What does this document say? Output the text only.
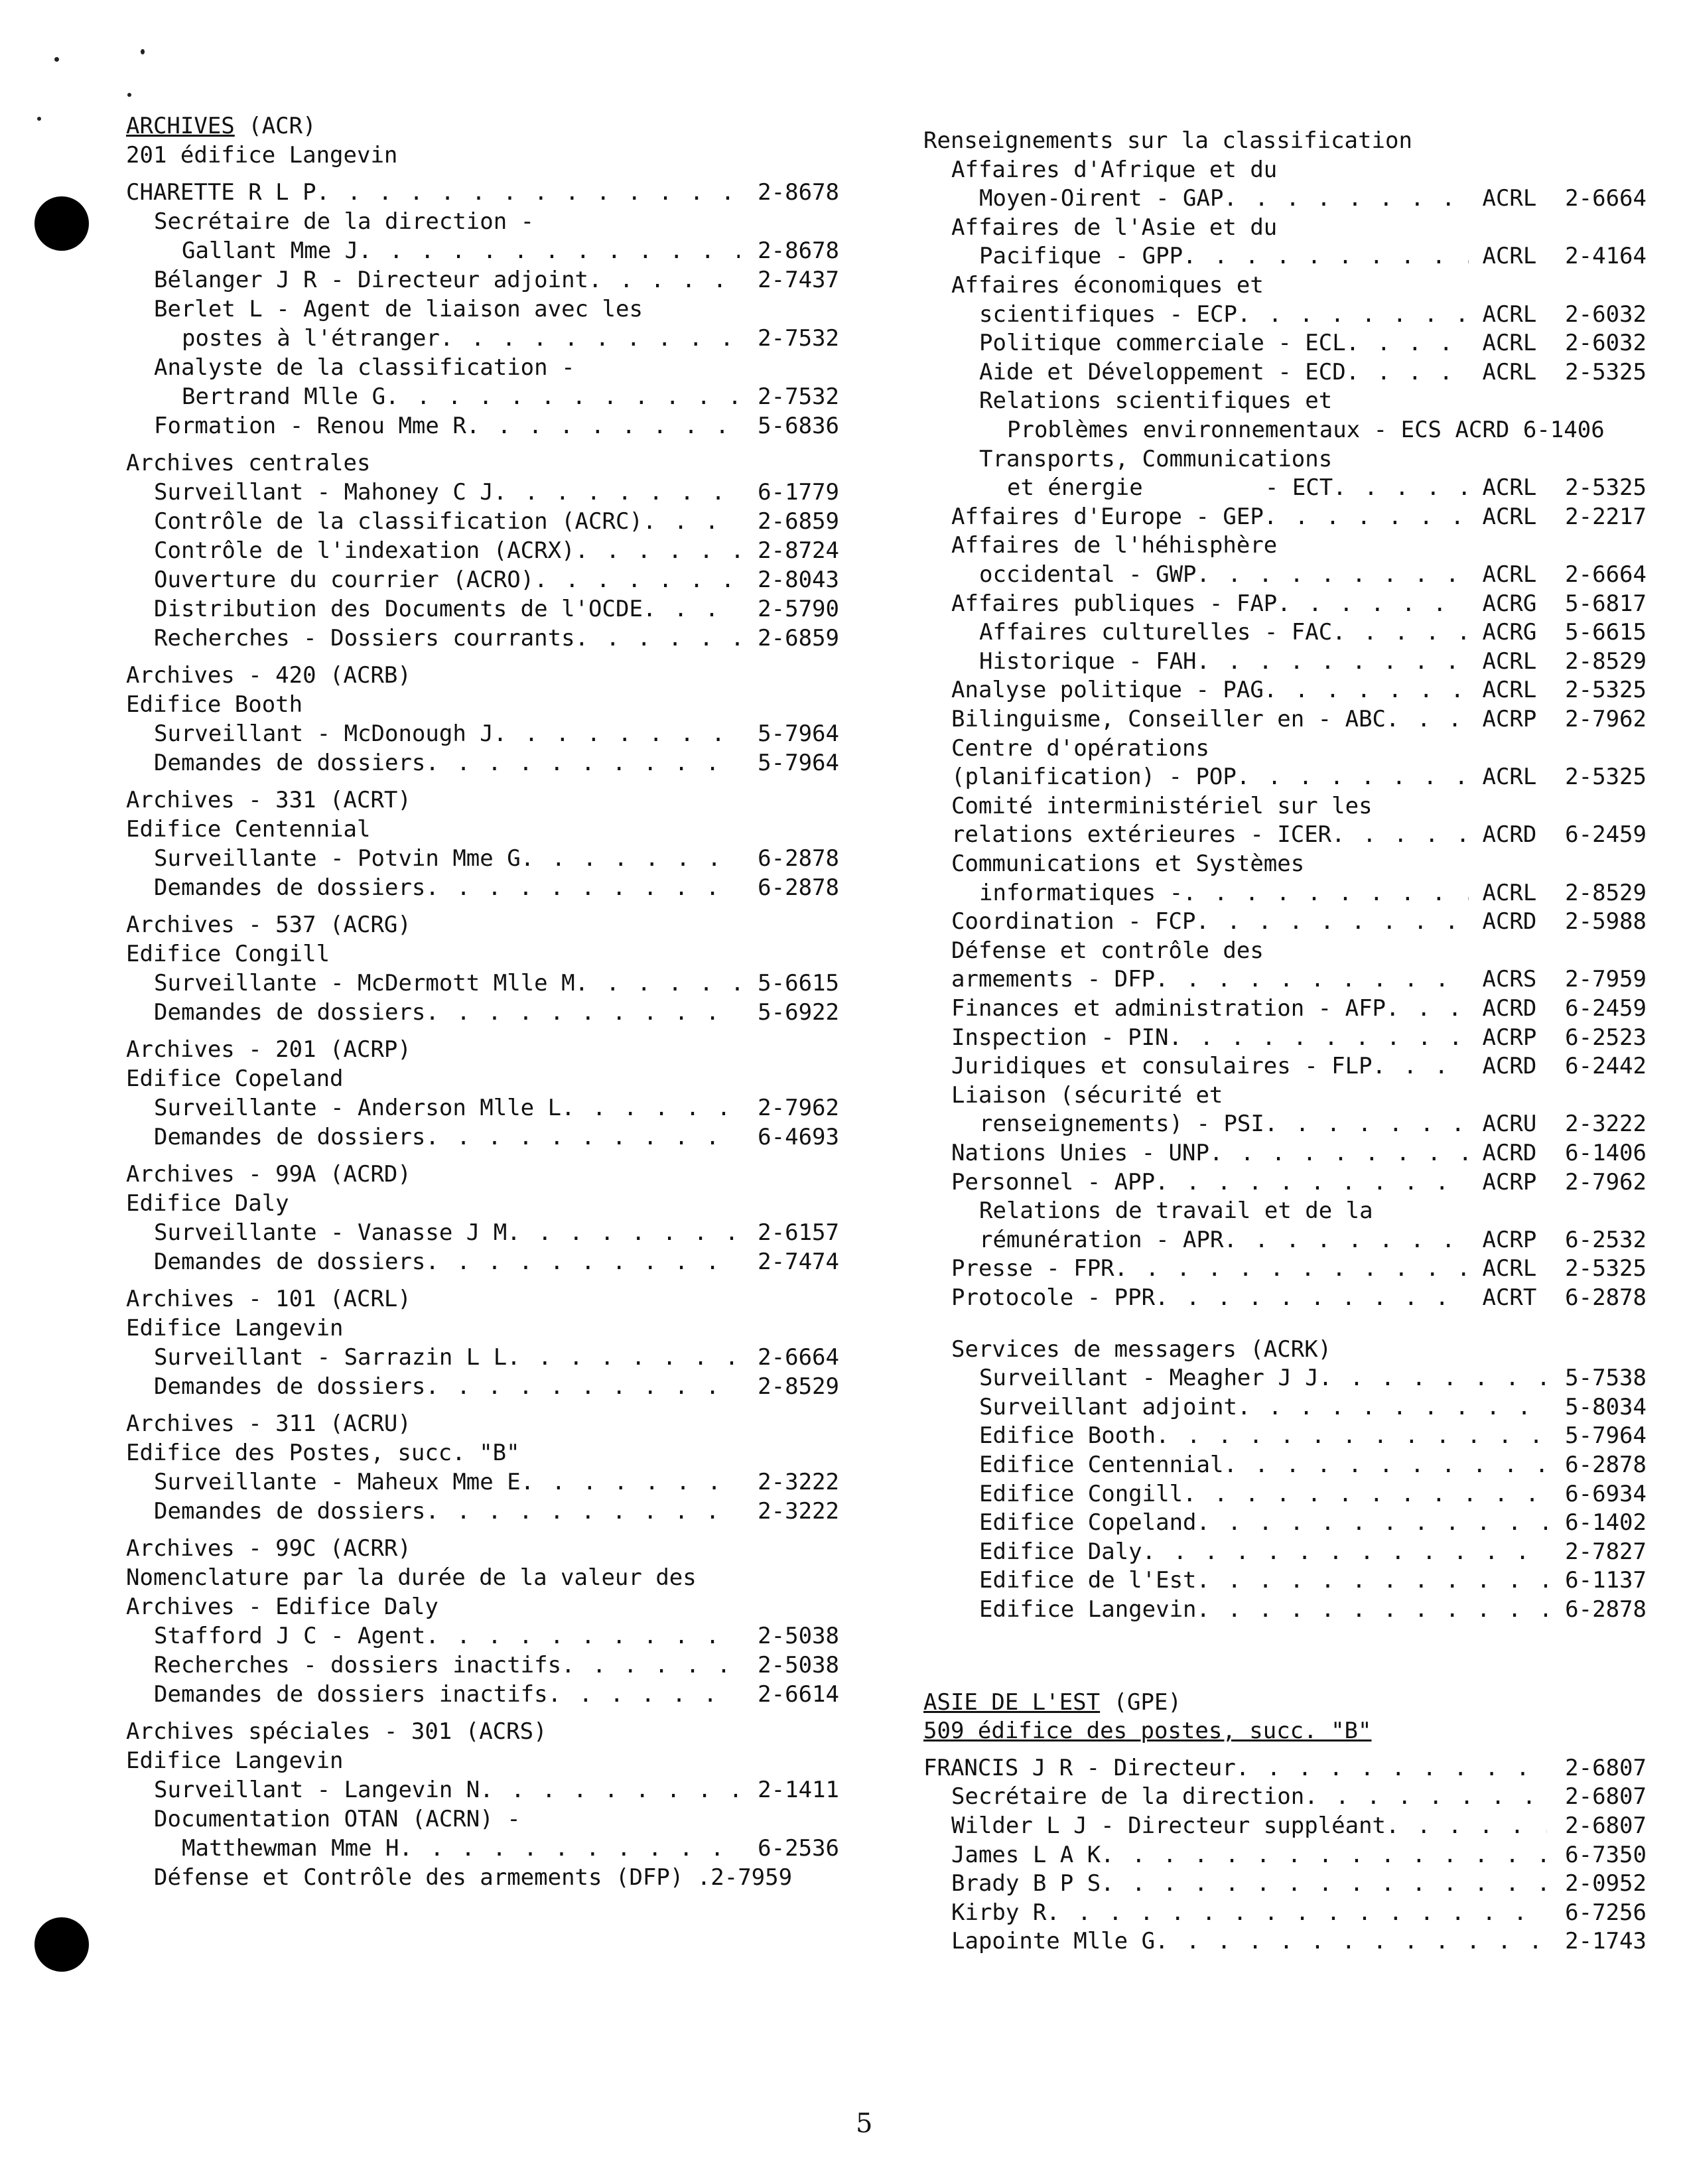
ARCHIVES (ACR)
201 édifice Langevin
CHARETTE R L P . . .	2-8678
Secrétaire de la direction -
Gallant Mme J . . .	2-8678
Bélanger J R - Directeur adjoint . . .	2-7437
Berlet L - Agent de liaison avec les
postes à l'étranger . . .	2-7532
Analyste de la classification -
Bertrand Mlle G . . .	2-7532
Formation - Renou Mme R . . .	5-6836
Archives centrales
Surveillant - Mahoney C J . . .	6-1779
Contrôle de la classification (ACRC) . . .	2-6859
Contrôle de l'indexation (ACRX) . . .	2-8724
Ouverture du courrier (ACRO) . . .	2-8043
Distribution des Documents de l'OCDE . . .	2-5790
Recherches - Dossiers courrants . . .	2-6859
Archives - 420 (ACRB)
Edifice Booth
Surveillant - McDonough J . . .	5-7964
Demandes de dossiers . . .	5-7964
Archives - 331 (ACRT)
Edifice Centennial
Surveillante - Potvin Mme G . . .	6-2878
Demandes de dossiers . . .	6-2878
Archives - 537 (ACRG)
Edifice Congill
Surveillante - McDermott Mlle M . . .	5-6615
Demandes de dossiers . . .	5-6922
Archives - 201 (ACRP)
Edifice Copeland
Surveillante - Anderson Mlle L . . .	2-7962
Demandes de dossiers . . .	6-4693
Archives - 99A (ACRD)
Edifice Daly
Surveillante - Vanasse J M . . .	2-6157
Demandes de dossiers . . .	2-7474
Archives - 101 (ACRL)
Edifice Langevin
Surveillant - Sarrazin L L . . .	2-6664
Demandes de dossiers . . .	2-8529
Archives - 311 (ACRU)
Edifice des Postes, succ. "B"
Surveillante - Maheux Mme E . . .	2-3222
Demandes de dossiers . . .	2-3222
Archives - 99C (ACRR)
Nomenclature par la durée de la valeur des
Archives - Edifice Daly
Stafford J C - Agent . . .	2-5038
Recherches - dossiers inactifs . . .	2-5038
Demandes de dossiers inactifs . . .	2-6614
Archives spéciales - 301 (ACRS)
Edifice Langevin
Surveillant - Langevin N . . .	2-1411
Documentation OTAN (ACRN) -
Matthewman Mme H . . .	6-2536
Défense et Contrôle des armements (DFP) .2-7959
Renseignements sur la classification
Affaires d'Afrique et du
Moyen-Oirent - GAP . . .	ACRL	2-6664
Affaires de l'Asie et du
Pacifique - GPP . . .	ACRL	2-4164
Affaires économiques et
scientifiques - ECP . . .	ACRL	2-6032
Politique commerciale - ECL . . .	ACRL	2-6032
Aide et Développement - ECD . . .	ACRL	2-5325
Relations scientifiques et
Problèmes environnementaux - ECS ACRD 6-1406
Transports, Communications
et énergie         - ECT . . .	ACRL	2-5325
Affaires d'Europe - GEP . . .	ACRL	2-2217
Affaires de l'héhisphère
occidental - GWP . . .	ACRL	2-6664
Affaires publiques - FAP . . .	ACRG	5-6817
Affaires culturelles - FAC . . .	ACRG	5-6615
Historique - FAH . . .	ACRL	2-8529
Analyse politique - PAG . . .	ACRL	2-5325
Bilinguisme, Conseiller en - ABC . . .	ACRP	2-7962
Centre d'opérations
(planification) - POP . . .	ACRL	2-5325
Comité interministériel sur les
relations extérieures - ICER . . .	ACRD	6-2459
Communications et Systèmes
informatiques - . . .	ACRL	2-8529
Coordination - FCP . . .	ACRD	2-5988
Défense et contrôle des
armements - DFP . . .	ACRS	2-7959
Finances et administration - AFP . . .	ACRD	6-2459
Inspection - PIN . . .	ACRP	6-2523
Juridiques et consulaires - FLP . . .	ACRD	6-2442
Liaison (sécurité et
renseignements) - PSI . . .	ACRU	2-3222
Nations Unies - UNP . . .	ACRD	6-1406
Personnel - APP . . .	ACRP	2-7962
Relations de travail et de la
rémunération - APR . . .	ACRP	6-2532
Presse - FPR . . .	ACRL	2-5325
Protocole - PPR . . .	ACRT	6-2878
Services de messagers (ACRK)
Surveillant - Meagher J J . . .	5-7538
Surveillant adjoint . . .	5-8034
Edifice Booth . . .	5-7964
Edifice Centennial . . .	6-2878
Edifice Congill . . .	6-6934
Edifice Copeland . . .	6-1402
Edifice Daly . . .	2-7827
Edifice de l'Est . . .	6-1137
Edifice Langevin . . .	6-2878
ASIE DE L'EST (GPE)
509 édifice des postes, succ. "B"
FRANCIS J R - Directeur . . .	2-6807
Secrétaire de la direction . . .	2-6807
Wilder L J - Directeur suppléant . . .	2-6807
James L A K . . .	6-7350
Brady B P S . . .	2-0952
Kirby R . . .	6-7256
Lapointe Mlle G . . .	2-1743
5
